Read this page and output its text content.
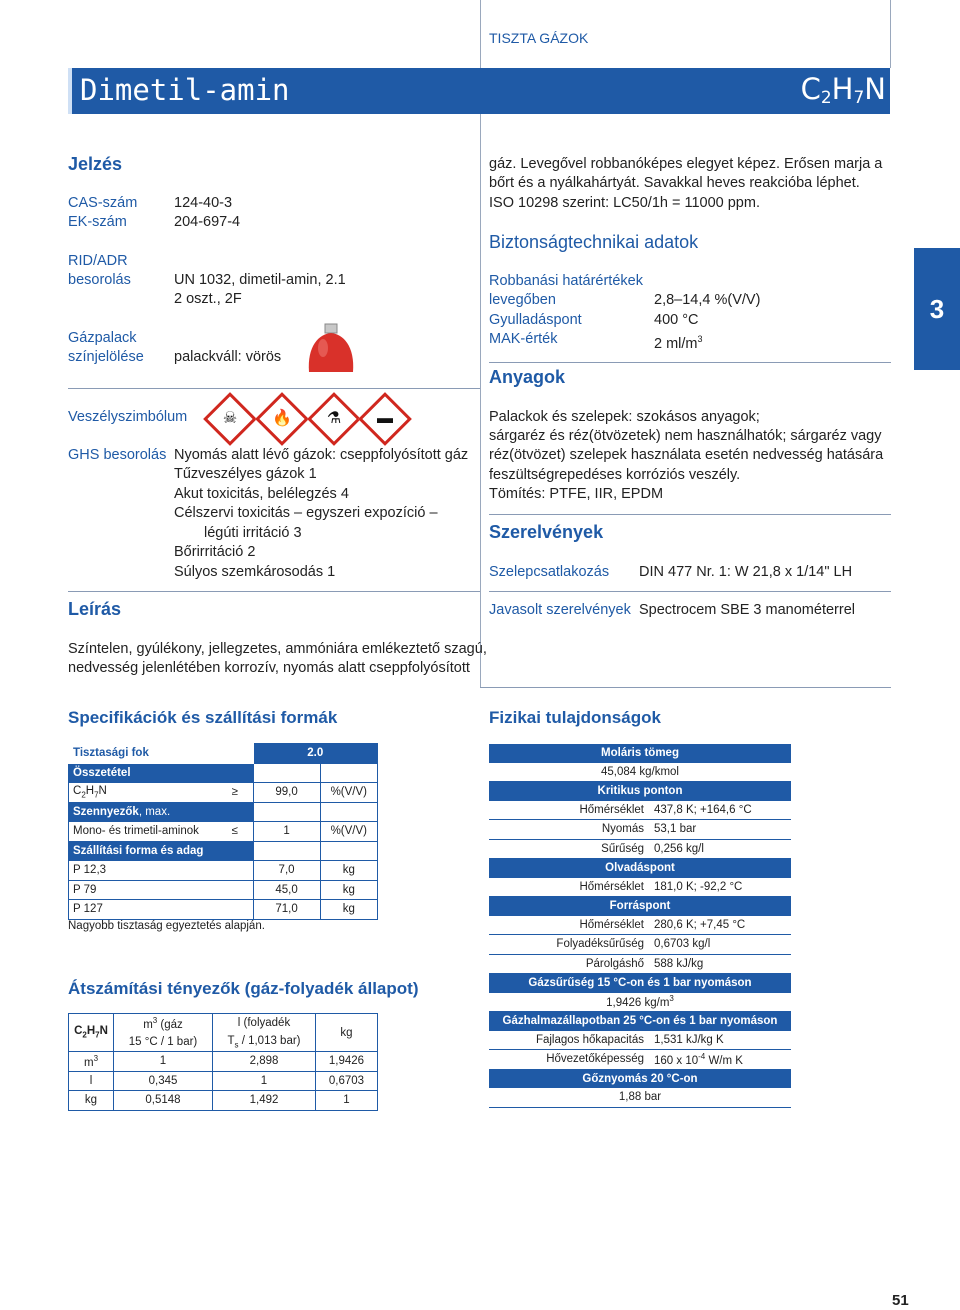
TISZTA GÁZOK
Dimetil-amin	$C_2H_7N$
3
Jelzés
CAS-szám	124-40-3
EK-szám	204-697-4
RID/ADR
besorolás	UN 1032, dimetil-amin, 2.1
2 oszt., 2F
Gázpalack
színjelölése palackváll: vörös
Veszélyszimbólum	☠	🔥	⚗	▬
GHS besorolás Nyomás alatt lévő gázok: cseppfolyósított gáz
Tűzveszélyes gázok 1
Akut toxicitás, belélegzés 4
Célszervi toxicitás – egyszeri expozíció –
légúti irritáció 3
Bőrirritáció 2
Súlyos szemkárosodás 1
Leírás
Színtelen, gyúlékony, jellegzetes, ammóniára emlékeztető szagú,
nedvesség jelenlétében korrozív, nyomás alatt cseppfolyósított
gáz. Levegővel robbanóképes elegyet képez. Erősen marja a
bőrt és a nyálkahártyát. Savakkal heves reakcióba léphet.
ISO 10298 szerint: LC50/1h = 11000 ppm.
Biztonságtechnikai adatok
Robbanási határértékek
levegőben	2,8–14,4 %(V/V)
Gyulladáspont	400 °C
MAK-érték	2 $ml/m^3$
Anyagok
Palackok és szelepek: szokásos anyagok;
sárgaréz és réz(ötvözetek) nem használhatók; sárgaréz vagy
réz(ötvözet) szelepek használata esetén nedvesség hatására
feszültségrepedéses korróziós veszély.
Tömítés: PTFE, IIR, EPDM
Szerelvények
Szelepcsatlakozás DIN 477 Nr. 1: W 21,8 x 1/14" LH
Javasolt szerelvények Spectrocem SBE 3 manométerrel
Specifikációk és szállítási formák
Tisztasági fok		2.0	
Összetétel			
$C_2H_7N$	≥	99,0	%(V/V)
Szennyezők, max.			
Mono- és trimetil-aminok	≤	1	%(V/V)
Szállítási forma és adag			
P 12,3		7,0	kg
P 79		45,0	kg
P 127		71,0	kg
Nagyobb tisztaság egyeztetés alapján.
Átszámítási tényezők (gáz-folyadék állapot)
$C_2H_7N$	$m^3$ (gáz	l (folyadék	kg
	15 °C / 1 bar)	$T_s / 1,013$ bar)	
$m^3$	1	2,898	1,9426
l	0,345	1	0,6703
kg	0,5148	1,492	1
Fizikai tulajdonságok
Moláris tömeg	
45,084 kg/kmol	
Kritikus ponton	
Hőmérséklet	437,8 K; +164,6 °C
Nyomás	53,1 bar
Sűrűség	0,256 kg/l
Olvadáspont	
Hőmérséklet	181,0 K; -92,2 °C
Forráspont	
Hőmérséklet	280,6 K; +7,45 °C
Folyadéksűrűség	0,6703 kg/l
Párolgáshő	588 kJ/kg
Gázsűrűség 15 °C-on és 1 bar nyomáson	
1,9426 $kg/m^3$
Gázhalmazállapotban 25 °C-on és 1 bar nyomáson	
Fajlagos hőkapacitás	1,531 kJ/kg K
Hővezetőképesség	160 x $10^{-4}$ W/m K
Gőznyomás 20 °C-on	
1,88 bar	
51
